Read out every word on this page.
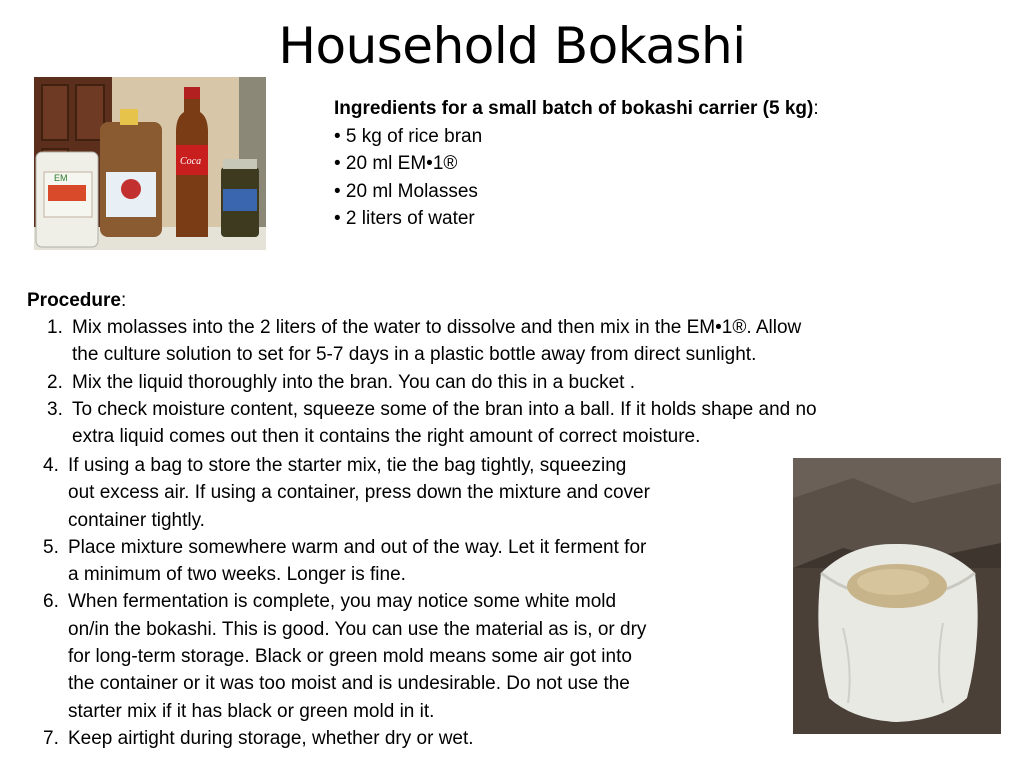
Household Bokashi
EM
Coca
Ingredients for a small batch of bokashi carrier (5 kg):
• 5 kg of rice bran
• 20 ml EM•1®
• 20 ml Molasses
• 2 liters of water
Procedure:
1. Mix molasses into the 2 liters of the water to dissolve and then mix in the EM•1®. Allow
the culture solution to set for 5-7 days in a plastic bottle away from direct sunlight.
2. Mix the liquid thoroughly into the bran. You can do this in a bucket .
3. To check moisture content, squeeze some of the bran into a ball. If it holds shape and no
extra liquid comes out then it contains the right amount of correct moisture.
4. If using a bag to store the starter mix, tie the bag tightly, squeezing
out excess air. If using a container, press down the mixture and cover
container tightly.
5. Place mixture somewhere warm and out of the way. Let it ferment for
a minimum of two weeks. Longer is fine.
6. When fermentation is complete, you may notice some white mold
on/in the bokashi. This is good. You can use the material as is, or dry
for long-term storage. Black or green mold means some air got into
the container or it was too moist and is undesirable. Do not use the
starter mix if it has black or green mold in it.
7. Keep airtight during storage, whether dry or wet.
